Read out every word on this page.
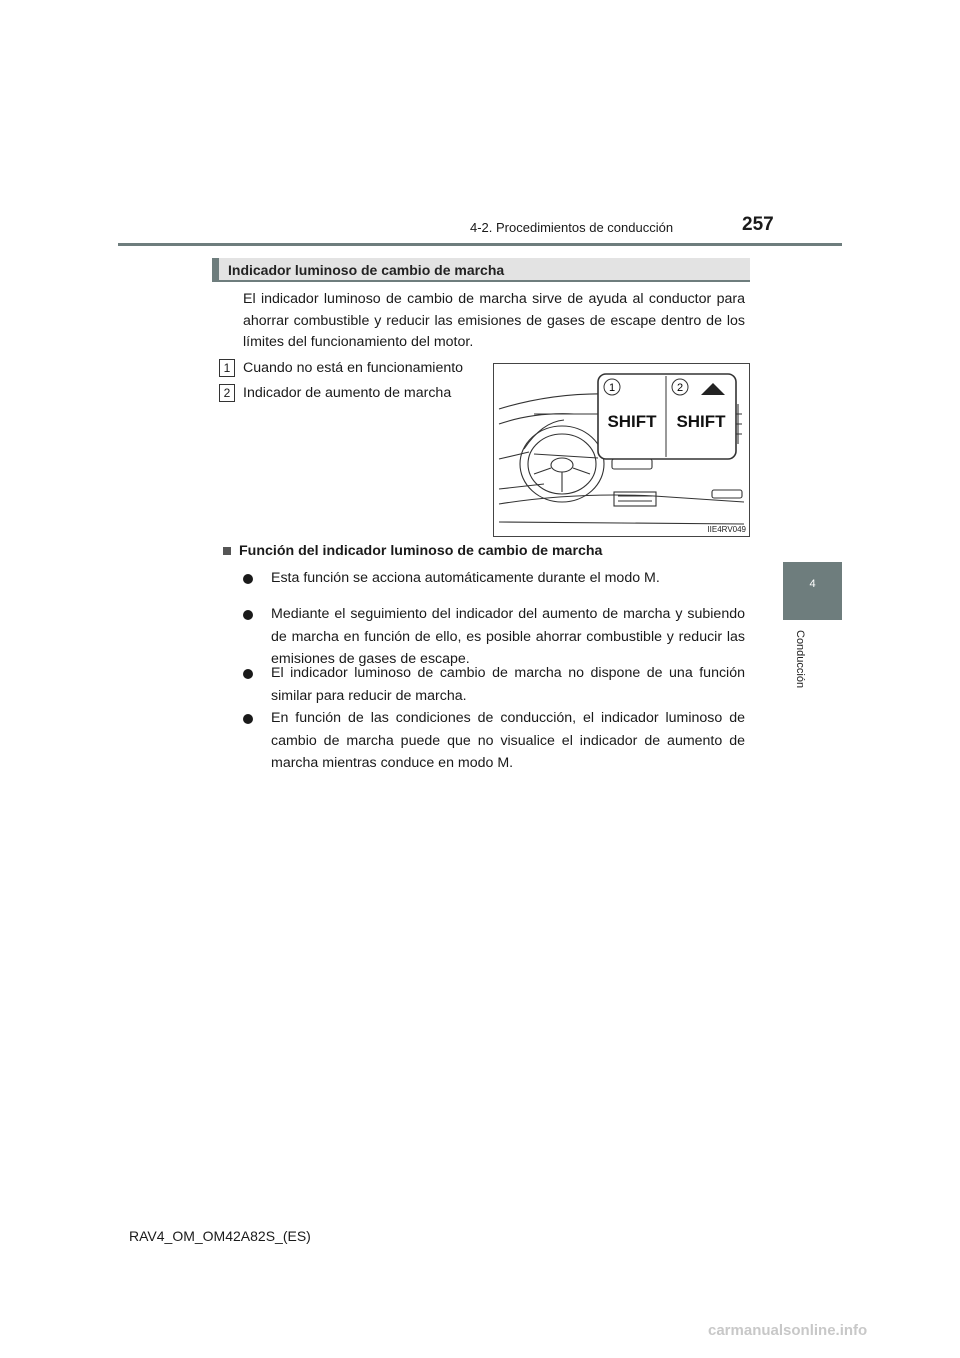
4-2. Procedimientos de conducción	257
4
Conducción
Indicador luminoso de cambio de marcha

El indicador luminoso de cambio de marcha sirve de ayuda al conductor para ahorrar combustible y reducir las emisiones de gases de escape dentro de los límites del funcionamiento del motor.

1 Cuando no está en funcionamiento
2 Indicador de aumento de marcha	1	2
SHIFT SHIFT
IIE4RV049
Función del indicador luminoso de cambio de marcha
Esta función se acciona automáticamente durante el modo M.
Mediante el seguimiento del indicador del aumento de marcha y subiendo de marcha en función de ello, es posible ahorrar combustible y reducir las emisiones de gases de escape.
El indicador luminoso de cambio de marcha no dispone de una función similar para reducir de marcha.
En función de las condiciones de conducción, el indicador luminoso de cambio de marcha puede que no visualice el indicador de aumento de marcha mientras conduce en modo M.
RAV4_OM_OM42A82S_(ES)
carmanualsonline.info
